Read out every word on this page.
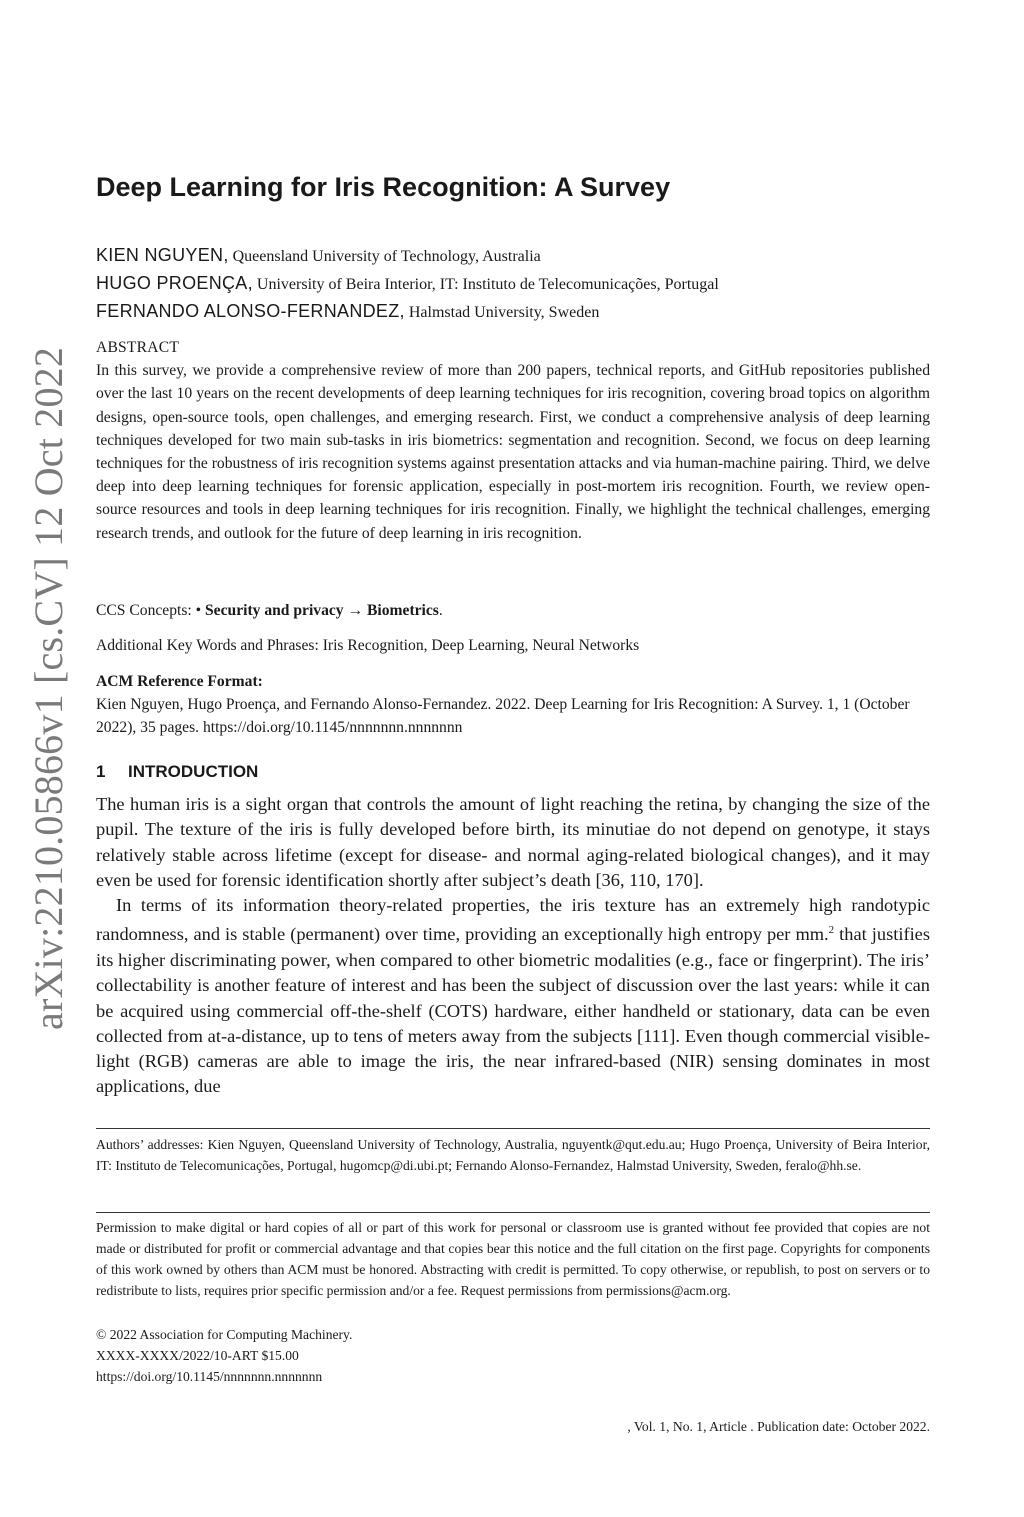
arXiv:2210.05866v1 [cs.CV] 12 Oct 2022
Deep Learning for Iris Recognition: A Survey
KIEN NGUYEN, Queensland University of Technology, Australia
HUGO PROENÇA, University of Beira Interior, IT: Instituto de Telecomunicações, Portugal
FERNANDO ALONSO-FERNANDEZ, Halmstad University, Sweden
ABSTRACT

In this survey, we provide a comprehensive review of more than 200 papers, technical reports, and GitHub repositories published over the last 10 years on the recent developments of deep learning techniques for iris recognition, covering broad topics on algorithm designs, open-source tools, open challenges, and emerging research. First, we conduct a comprehensive analysis of deep learning techniques developed for two main sub-tasks in iris biometrics: segmentation and recognition. Second, we focus on deep learning techniques for the robustness of iris recognition systems against presentation attacks and via human-machine pairing. Third, we delve deep into deep learning techniques for forensic application, especially in post-mortem iris recognition. Fourth, we review open-source resources and tools in deep learning techniques for iris recognition. Finally, we highlight the technical challenges, emerging research trends, and outlook for the future of deep learning in iris recognition.

CCS Concepts: • Security and privacy → Biometrics.
Additional Key Words and Phrases: Iris Recognition, Deep Learning, Neural Networks
ACM Reference Format:
Kien Nguyen, Hugo Proença, and Fernando Alonso-Fernandez. 2022. Deep Learning for Iris Recognition: A Survey. 1, 1 (October 2022), 35 pages. https://doi.org/10.1145/nnnnnnn.nnnnnnn
1 INTRODUCTION

The human iris is a sight organ that controls the amount of light reaching the retina, by changing the size of the pupil. The texture of the iris is fully developed before birth, its minutiae do not depend on genotype, it stays relatively stable across lifetime (except for disease- and normal aging-related biological changes), and it may even be used for forensic identification shortly after subject’s death [36, 110, 170].

In terms of its information theory-related properties, the iris texture has an extremely high randotypic randomness, and is stable (permanent) over time, providing an exceptionally high entropy per mm.$^2$ that justifies its higher discriminating power, when compared to other biometric modalities (e.g., face or fingerprint). The iris’ collectability is another feature of interest and has been the subject of discussion over the last years: while it can be acquired using commercial off-the-shelf (COTS) hardware, either handheld or stationary, data can be even collected from at-a-distance, up to tens of meters away from the subjects [111]. Even though commercial visible-light (RGB) cameras are able to image the iris, the near infrared-based (NIR) sensing dominates in most applications, due

Authors’ addresses: Kien Nguyen, Queensland University of Technology, Australia, nguyentk@qut.edu.au; Hugo Proença, University of Beira Interior, IT: Instituto de Telecomunicações, Portugal, hugomcp@di.ubi.pt; Fernando Alonso-Fernandez, Halmstad University, Sweden, feralo@hh.se.
Permission to make digital or hard copies of all or part of this work for personal or classroom use is granted without fee provided that copies are not made or distributed for profit or commercial advantage and that copies bear this notice and the full citation on the first page. Copyrights for components of this work owned by others than ACM must be honored. Abstracting with credit is permitted. To copy otherwise, or republish, to post on servers or to redistribute to lists, requires prior specific permission and/or a fee. Request permissions from permissions@acm.org.
© 2022 Association for Computing Machinery.
XXXX-XXXX/2022/10-ART $15.00
https://doi.org/10.1145/nnnnnnn.nnnnnnn
, Vol. 1, No. 1, Article . Publication date: October 2022.
